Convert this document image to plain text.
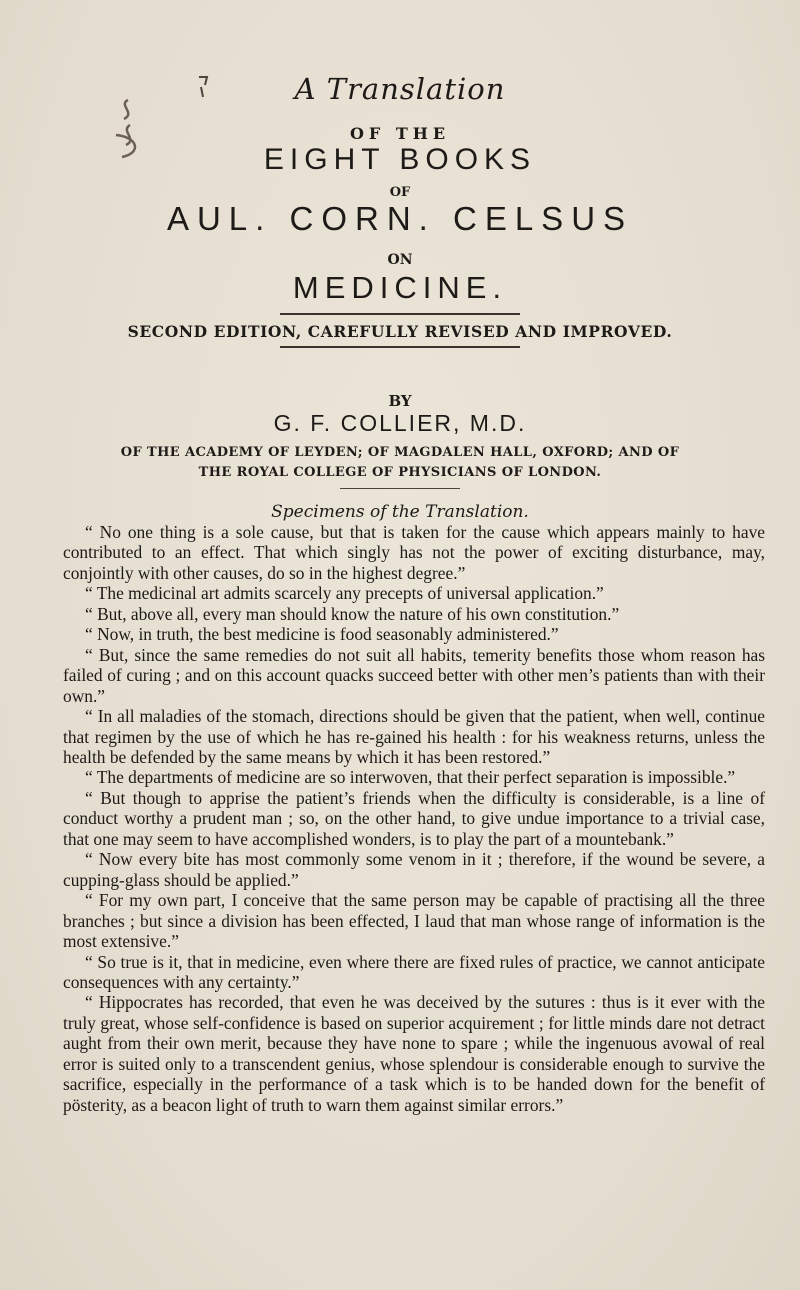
A Translation
OF THE
EIGHT BOOKS
OF
AUL. CORN. CELSUS
ON
MEDICINE.
SECOND EDITION, CAREFULLY REVISED AND IMPROVED.
BY
G. F. COLLIER, M.D.
OF THE ACADEMY OF LEYDEN; OF MAGDALEN HALL, OXFORD; AND OF
THE ROYAL COLLEGE OF PHYSICIANS OF LONDON.
Specimens of the Translation.

“ No one thing is a sole cause, but that is taken for the cause which appears mainly to have contributed to an effect. That which singly has not the power of exciting disturbance, may, conjointly with other causes, do so in the highest degree.”

“ The medicinal art admits scarcely any precepts of universal application.”

“ But, above all, every man should know the nature of his own constitution.”

“ Now, in truth, the best medicine is food seasonably administered.”

“ But, since the same remedies do not suit all habits, temerity benefits those whom reason has failed of curing ; and on this account quacks succeed better with other men’s patients than with their own.”

“ In all maladies of the stomach, directions should be given that the patient, when well, continue that regimen by the use of which he has re-gained his health : for his weakness returns, unless the health be defended by the same means by which it has been restored.”

“ The departments of medicine are so interwoven, that their perfect separation is impossible.”

“ But though to apprise the patient’s friends when the difficulty is considerable, is a line of conduct worthy a prudent man ; so, on the other hand, to give undue importance to a trivial case, that one may seem to have accomplished wonders, is to play the part of a mountebank.”

“ Now every bite has most commonly some venom in it ; therefore, if the wound be severe, a cupping-glass should be applied.”

“ For my own part, I conceive that the same person may be capable of practising all the three branches ; but since a division has been effected, I laud that man whose range of information is the most extensive.”

“ So true is it, that in medicine, even where there are fixed rules of practice, we cannot anticipate consequences with any certainty.”

“ Hippocrates has recorded, that even he was deceived by the sutures : thus is it ever with the truly great, whose self-confidence is based on superior acquirement ; for little minds dare not detract aught from their own merit, because they have none to spare ; while the ingenuous avowal of real error is suited only to a transcendent genius, whose splendour is considerable enough to survive the sacrifice, especially in the performance of a task which is to be handed down for the benefit of pösterity, as a beacon light of truth to warn them against similar errors.”
